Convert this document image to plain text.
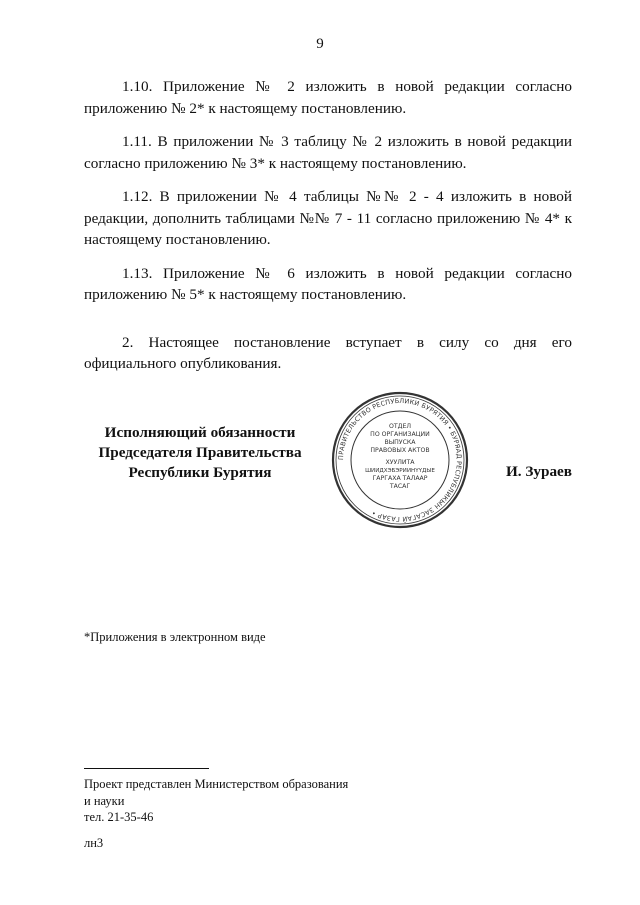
9

1.10. Приложение № 2 изложить в новой редакции согласно приложению № 2* к настоящему постановлению.

1.11. В приложении № 3 таблицу № 2 изложить в новой редакции согласно приложению № 3* к настоящему постановлению.

1.12. В приложении № 4 таблицы №№ 2 - 4 изложить в новой редакции, дополнить таблицами №№ 7 - 11 согласно приложению № 4* к настоящему постановлению.

1.13. Приложение № 6 изложить в новой редакции согласно приложению № 5* к настоящему постановлению.

2. Настоящее постановление вступает в силу со дня его официального опубликования.

Исполняющий обязанности
Председателя Правительства
Республики Бурятия
ПРАВИТЕЛЬСТВО РЕСПУБЛИКИ БУРЯТИЯ • БУРЯАД РЕСПУБЛИКЫН ЗАСАГАЙ ГАЗАР •
ОТДЕЛ
ПО ОРГАНИЗАЦИИ
ВЫПУСКА
ПРАВОВЫХ АКТОВ
ХУУЛИТА
ШИИДХЭБЭРИИНҮҮДЫЕ
ГАРГАХА ТАЛААР
ТАСАГ
И. Зураев
*Приложения в электронном виде
Проект представлен Министерством образования
и науки
тел. 21-35-46
лн3
